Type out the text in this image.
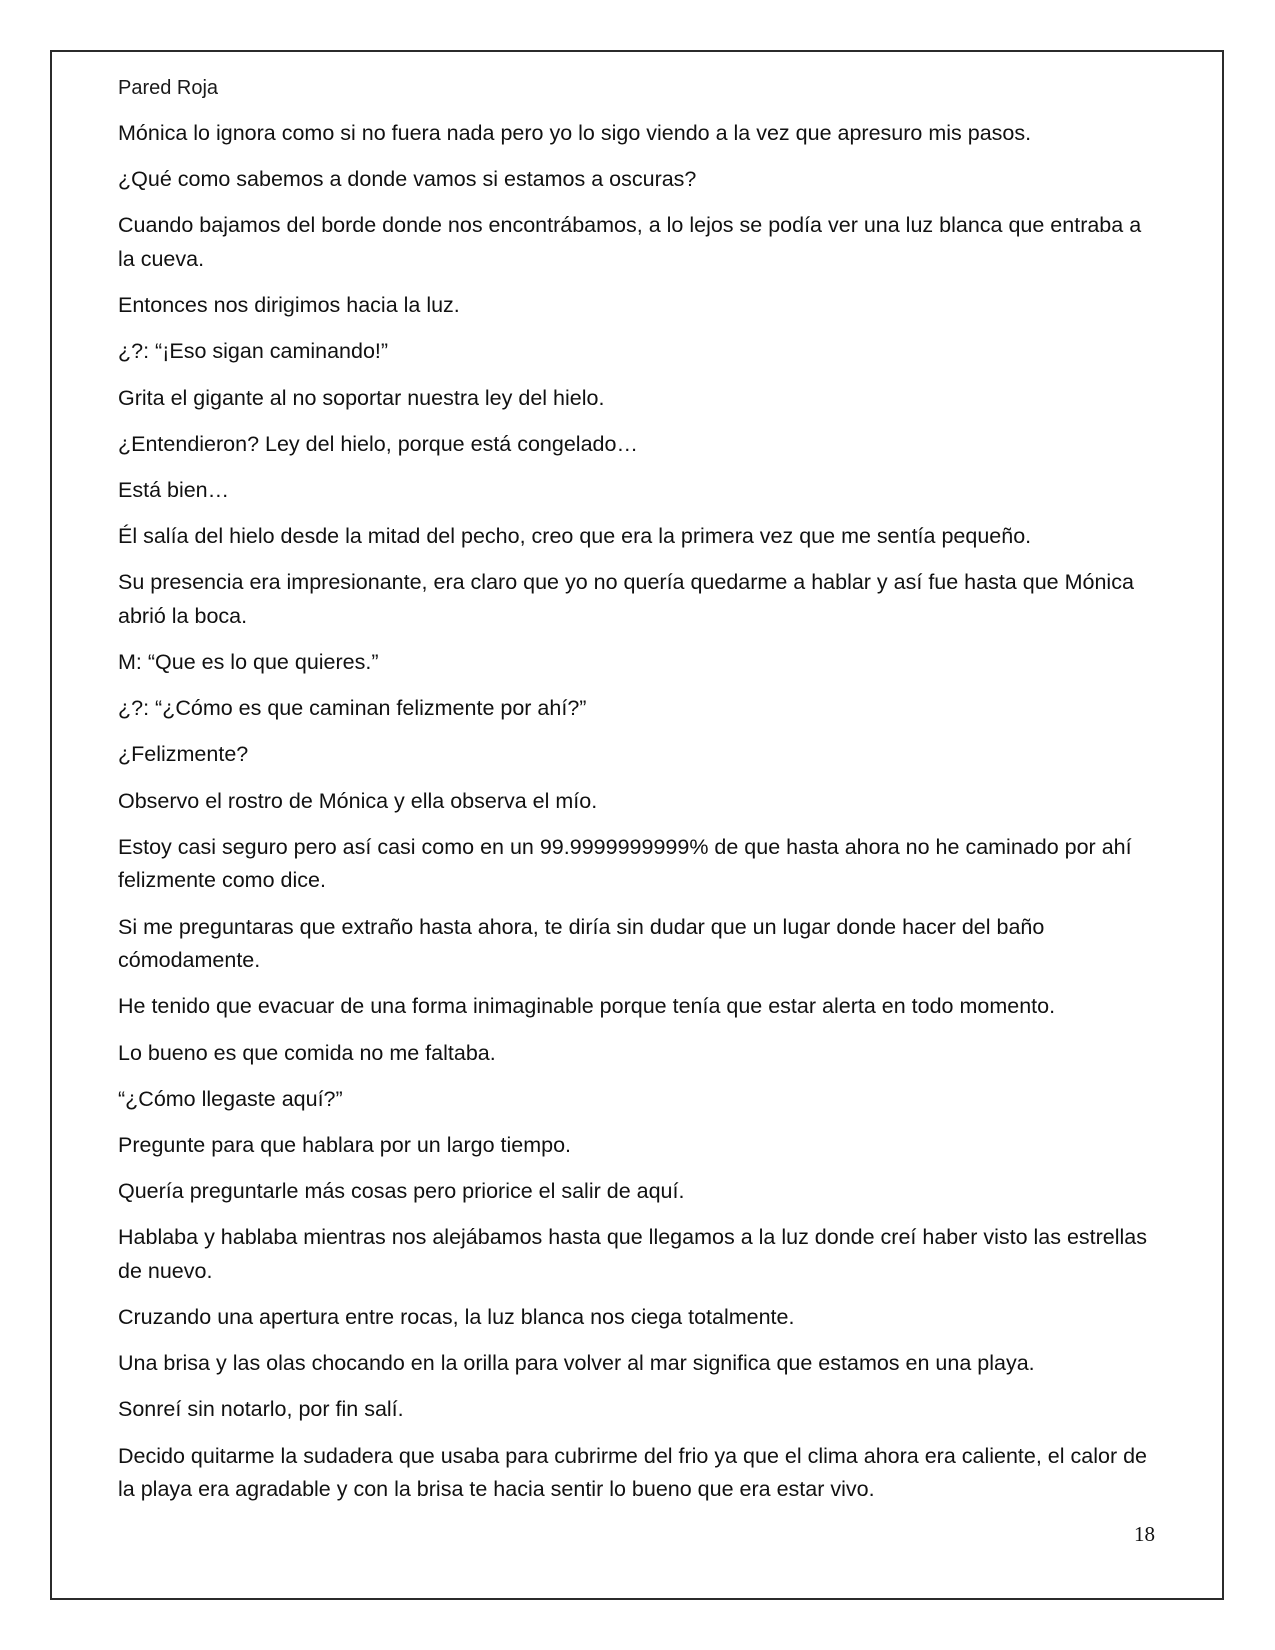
Pared Roja

Mónica lo ignora como si no fuera nada pero yo lo sigo viendo a la vez que apresuro mis pasos.

¿Qué como sabemos a donde vamos si estamos a oscuras?

Cuando bajamos del borde donde nos encontrábamos, a lo lejos se podía ver una luz blanca que entraba a la cueva.

Entonces nos dirigimos hacia la luz.

¿?: “¡Eso sigan caminando!”

Grita el gigante al no soportar nuestra ley del hielo.

¿Entendieron? Ley del hielo, porque está congelado…

Está bien…

Él salía del hielo desde la mitad del pecho, creo que era la primera vez que me sentía pequeño.

Su presencia era impresionante, era claro que yo no quería quedarme a hablar y así fue hasta que Mónica abrió la boca.

M: “Que es lo que quieres.”

¿?: “¿Cómo es que caminan felizmente por ahí?”

¿Felizmente?

Observo el rostro de Mónica y ella observa el mío.

Estoy casi seguro pero así casi como en un 99.9999999999% de que hasta ahora no he caminado por ahí felizmente como dice.

Si me preguntaras que extraño hasta ahora, te diría sin dudar que un lugar donde hacer del baño cómodamente.

He tenido que evacuar de una forma inimaginable porque tenía que estar alerta en todo momento.

Lo bueno es que comida no me faltaba.

“¿Cómo llegaste aquí?”

Pregunte para que hablara por un largo tiempo.

Quería preguntarle más cosas pero priorice el salir de aquí.

Hablaba y hablaba mientras nos alejábamos hasta que llegamos a la luz donde creí haber visto las estrellas de nuevo.

Cruzando una apertura entre rocas, la luz blanca nos ciega totalmente.

Una brisa y las olas chocando en la orilla para volver al mar significa que estamos en una playa.

Sonreí sin notarlo, por fin salí.

Decido quitarme la sudadera que usaba para cubrirme del frio ya que el clima ahora era caliente, el calor de la playa era agradable y con la brisa te hacia sentir lo bueno que era estar vivo.

18
